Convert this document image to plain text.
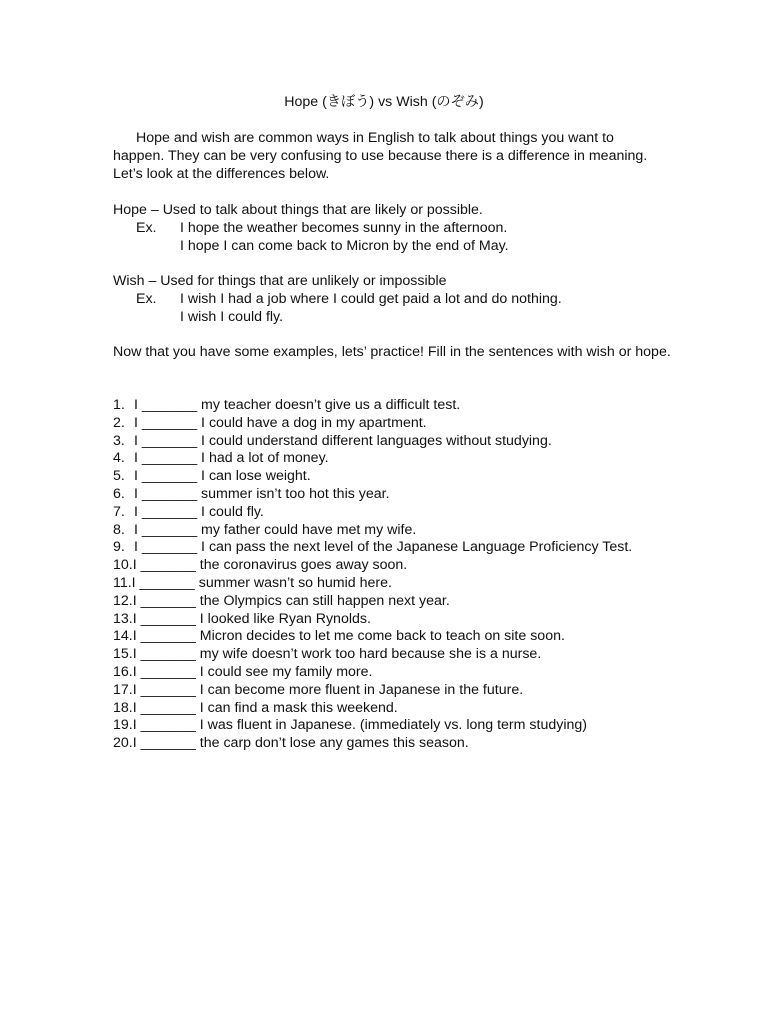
Hope (きぼう) vs Wish (のぞみ)
Hope and wish are common ways in English to talk about things you want to happen. They can be very confusing to use because there is a difference in meaning. Let’s look at the differences below.
Hope – Used to talk about things that are likely or possible.
Ex. I hope the weather becomes sunny in the afternoon.
I hope I can come back to Micron by the end of May.
Wish – Used for things that are unlikely or impossible
Ex. I wish I had a job where I could get paid a lot and do nothing.
I wish I could fly.
Now that you have some examples, lets’ practice! Fill in the sentences with wish or hope.
1. I _______ my teacher doesn’t give us a difficult test.
2. I _______ I could have a dog in my apartment.
3. I _______ I could understand different languages without studying.
4. I _______ I had a lot of money.
5. I _______ I can lose weight.
6. I _______ summer isn’t too hot this year.
7. I _______ I could fly.
8. I _______ my father could have met my wife.
9. I _______ I can pass the next level of the Japanese Language Proficiency Test.
10.I _______ the coronavirus goes away soon.
11.I _______ summer wasn’t so humid here.
12.I _______ the Olympics can still happen next year.
13.I _______ I looked like Ryan Rynolds.
14.I _______ Micron decides to let me come back to teach on site soon.
15.I _______ my wife doesn’t work too hard because she is a nurse.
16.I _______ I could see my family more.
17.I _______ I can become more fluent in Japanese in the future.
18.I _______ I can find a mask this weekend.
19.I _______ I was fluent in Japanese. (immediately vs. long term studying)
20.I _______ the carp don’t lose any games this season.
